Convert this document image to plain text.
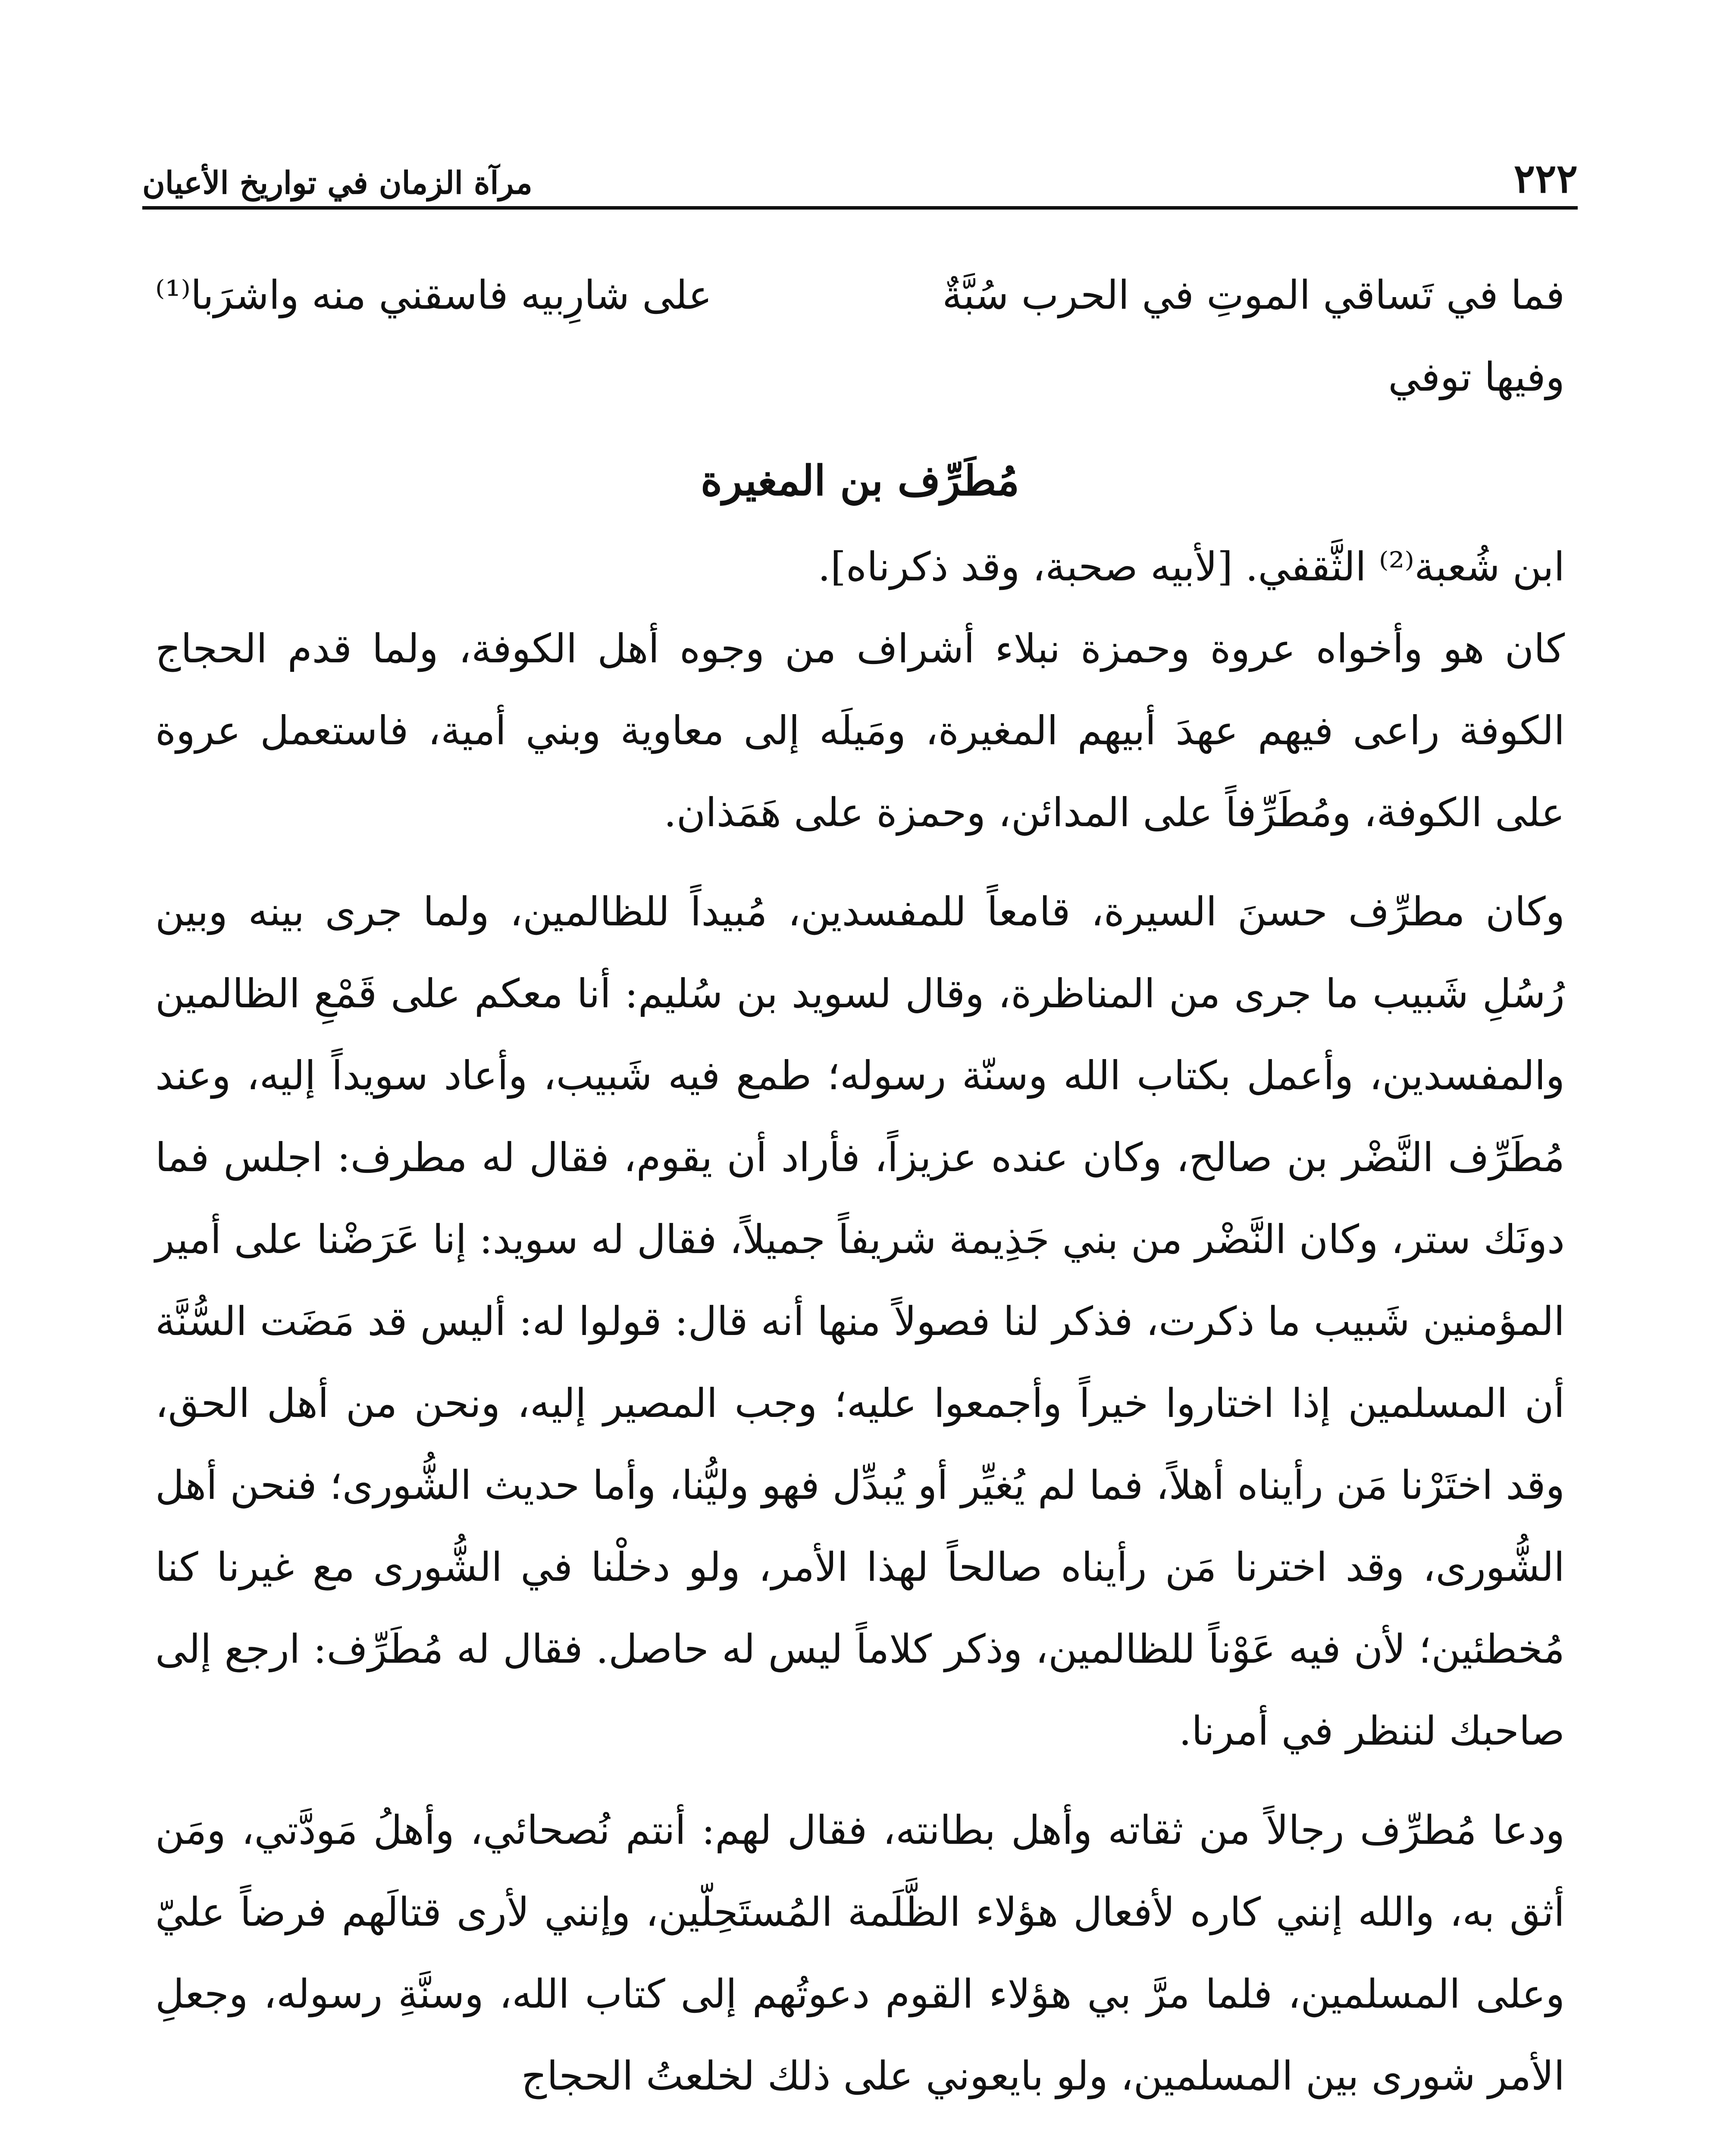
٢٢٢
مرآة الزمان في تواريخ الأعيان
فما في تَساقي الموتِ في الحرب سُبَّةٌ
على شارِبيه فاسقني منه واشرَبا⁽¹⁾
وفيها توفي
مُطَرِّف بن المغيرة
ابن شُعبة⁽²⁾ الثَّقفي. [لأبيه صحبة، وقد ذكرناه].

كان هو وأخواه عروة وحمزة نبلاء أشراف من وجوه أهل الكوفة، ولما قدم الحجاج الكوفة راعى فيهم عهدَ أبيهم المغيرة، ومَيلَه إلى معاوية وبني أمية، فاستعمل عروة على الكوفة، ومُطَرِّفاً على المدائن، وحمزة على هَمَذان.

وكان مطرِّف حسنَ السيرة، قامعاً للمفسدين، مُبيداً للظالمين، ولما جرى بينه وبين رُسُلِ شَبيب ما جرى من المناظرة، وقال لسويد بن سُليم: أنا معكم على قَمْعِ الظالمين والمفسدين، وأعمل بكتاب الله وسنّة رسوله؛ طمع فيه شَبيب، وأعاد سويداً إليه، وعند مُطَرِّف النَّضْر بن صالح، وكان عنده عزيزاً، فأراد أن يقوم، فقال له مطرف: اجلس فما دونَك ستر، وكان النَّضْر من بني جَذِيمة شريفاً جميلاً، فقال له سويد: إنا عَرَضْنا على أمير المؤمنين شَبيب ما ذكرت، فذكر لنا فصولاً منها أنه قال: قولوا له: أليس قد مَضَت السُّنَّة أن المسلمين إذا اختاروا خيراً وأجمعوا عليه؛ وجب المصير إليه، ونحن من أهل الحق، وقد اختَرْنا مَن رأيناه أهلاً، فما لم يُغيِّر أو يُبدِّل فهو وليُّنا، وأما حديث الشُّورى؛ فنحن أهل الشُّورى، وقد اخترنا مَن رأيناه صالحاً لهذا الأمر، ولو دخلْنا في الشُّورى مع غيرنا كنا مُخطئين؛ لأن فيه عَوْناً للظالمين، وذكر كلاماً ليس له حاصل. فقال له مُطَرِّف: ارجع إلى صاحبك لننظر في أمرنا.

ودعا مُطرِّف رجالاً من ثقاته وأهل بطانته، فقال لهم: أنتم نُصحائي، وأهلُ مَودَّتي، ومَن أثق به، والله إنني كاره لأفعال هؤلاء الظَّلَمة المُستَحِلّين، وإنني لأرى قتالَهم فرضاً عليّ وعلى المسلمين، فلما مرَّ بي هؤلاء القوم دعوتُهم إلى كتاب الله، وسنَّةِ رسوله، وجعلِ الأمر شورى بين المسلمين، ولو بايعوني على ذلك لخلعتُ الحجاج
